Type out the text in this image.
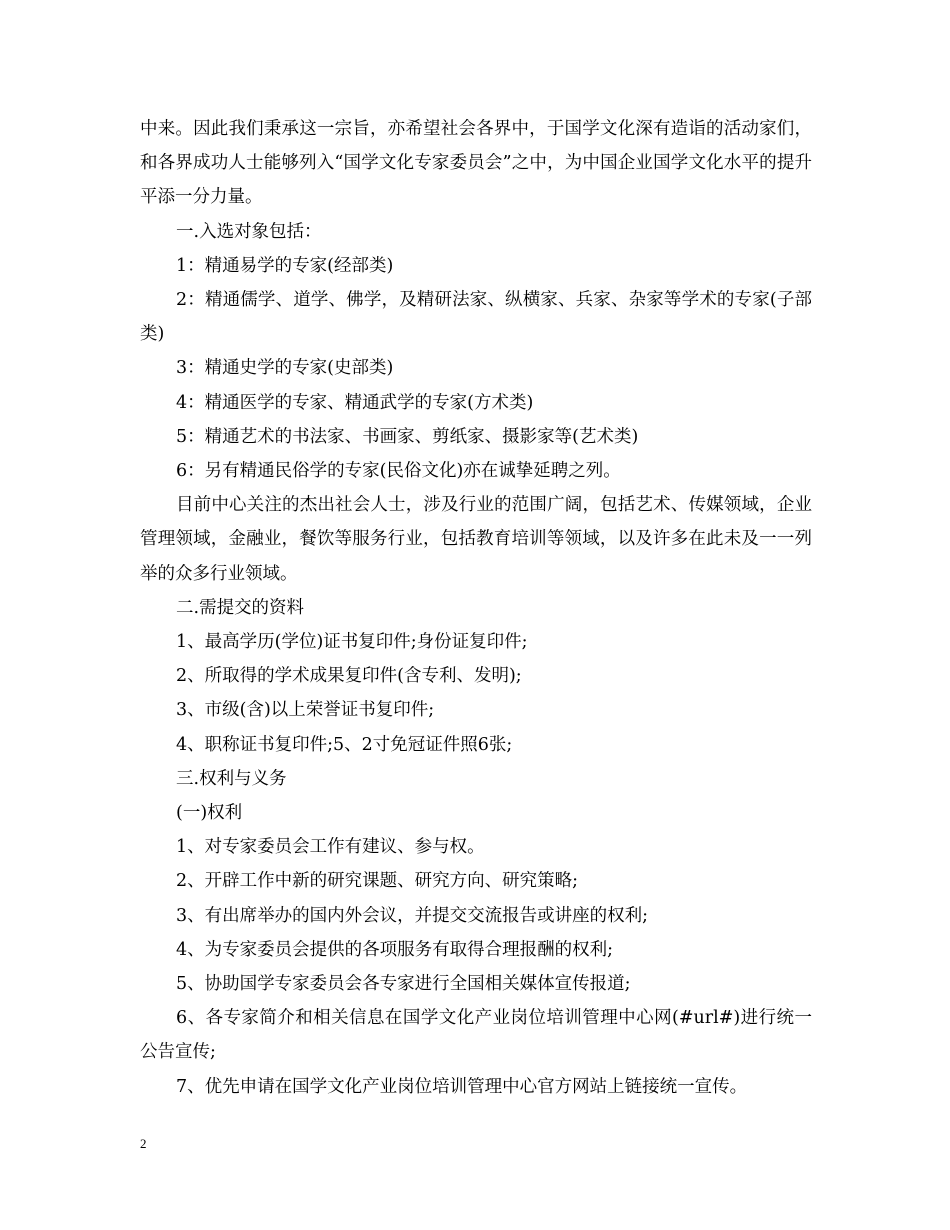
中来。因此我们秉承这一宗旨，亦希望社会各界中，于国学文化深有造诣的活动家们，和各界成功人士能够列入“国学文化专家委员会”之中，为中国企业国学文化水平的提升平添一分力量。

一.入选对象包括：

1：精通易学的专家(经部类)

2：精通儒学、道学、佛学，及精研法家、纵横家、兵家、杂家等学术的专家(子部类)

3：精通史学的专家(史部类)

4：精通医学的专家、精通武学的专家(方术类)

5：精通艺术的书法家、书画家、剪纸家、摄影家等(艺术类)

6：另有精通民俗学的专家(民俗文化)亦在诚挚延聘之列。

目前中心关注的杰出社会人士，涉及行业的范围广阔，包括艺术、传媒领域，企业管理领域，金融业，餐饮等服务行业，包括教育培训等领域，以及许多在此未及一一列举的众多行业领域。

二.需提交的资料

1、最高学历(学位)证书复印件;身份证复印件;

2、所取得的学术成果复印件(含专利、发明);

3、市级(含)以上荣誉证书复印件;

4、职称证书复印件;5、2寸免冠证件照6张;

三.权利与义务

(一)权利

1、对专家委员会工作有建议、参与权。

2、开辟工作中新的研究课题、研究方向、研究策略;

3、有出席举办的国内外会议，并提交交流报告或讲座的权利;

4、为专家委员会提供的各项服务有取得合理报酬的权利;

5、协助国学专家委员会各专家进行全国相关媒体宣传报道;

6、各专家简介和相关信息在国学文化产业岗位培训管理中心网(#url#)进行统一公告宣传;

7、优先申请在国学文化产业岗位培训管理中心官方网站上链接统一宣传。

2
